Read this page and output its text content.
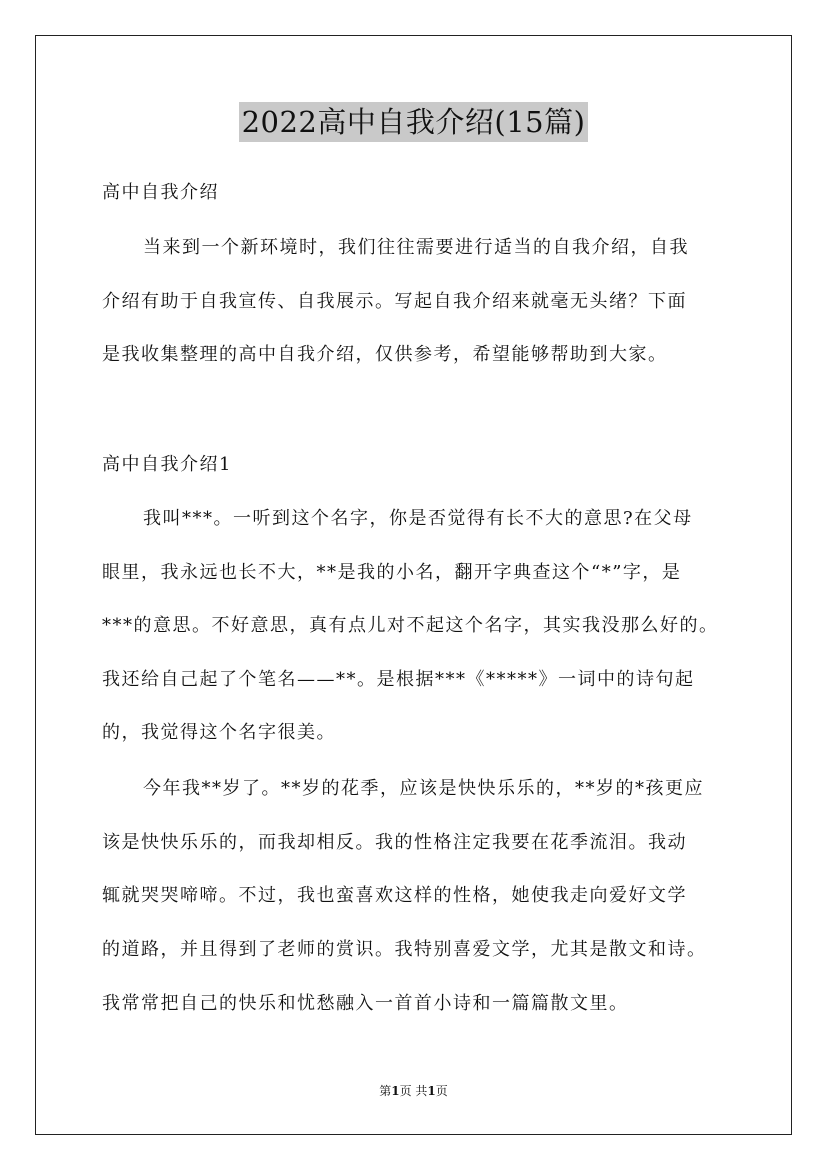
2022高中自我介绍(15篇)
高中自我介绍
当来到一个新环境时，我们往往需要进行适当的自我介绍，自我
介绍有助于自我宣传、自我展示。写起自我介绍来就毫无头绪？下面
是我收集整理的高中自我介绍，仅供参考，希望能够帮助到大家。
高中自我介绍1
我叫***。一听到这个名字，你是否觉得有长不大的意思?在父母
眼里，我永远也长不大，**是我的小名，翻开字典查这个“*”字，是
***的意思。不好意思，真有点儿对不起这个名字，其实我没那么好的。
我还给自己起了个笔名——**。是根据***《*****》一词中的诗句起
的，我觉得这个名字很美。
今年我**岁了。**岁的花季，应该是快快乐乐的，**岁的*孩更应
该是快快乐乐的，而我却相反。我的性格注定我要在花季流泪。我动
辄就哭哭啼啼。不过，我也蛮喜欢这样的性格，她使我走向爱好文学
的道路，并且得到了老师的赏识。我特别喜爱文学，尤其是散文和诗。
我常常把自己的快乐和忧愁融入一首首小诗和一篇篇散文里。
第1页 共1页
